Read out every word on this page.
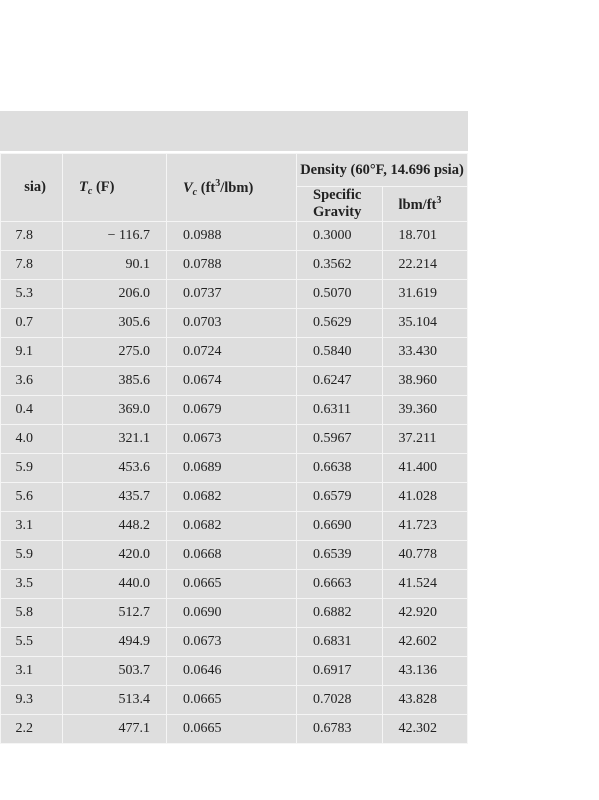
sia)	$T_c$ (F)	$V_c$ $(ft^3/lbm)$	Density (60°F, 14.696 psia)	
			Specific Gravity	lbm/$ft^3$
7.8	− 116.7	0.0988	0.3000	18.701
7.8	90.1	0.0788	0.3562	22.214
5.3	206.0	0.0737	0.5070	31.619
0.7	305.6	0.0703	0.5629	35.104
9.1	275.0	0.0724	0.5840	33.430
3.6	385.6	0.0674	0.6247	38.960
0.4	369.0	0.0679	0.6311	39.360
4.0	321.1	0.0673	0.5967	37.211
5.9	453.6	0.0689	0.6638	41.400
5.6	435.7	0.0682	0.6579	41.028
3.1	448.2	0.0682	0.6690	41.723
5.9	420.0	0.0668	0.6539	40.778
3.5	440.0	0.0665	0.6663	41.524
5.8	512.7	0.0690	0.6882	42.920
5.5	494.9	0.0673	0.6831	42.602
3.1	503.7	0.0646	0.6917	43.136
9.3	513.4	0.0665	0.7028	43.828
2.2	477.1	0.0665	0.6783	42.302
